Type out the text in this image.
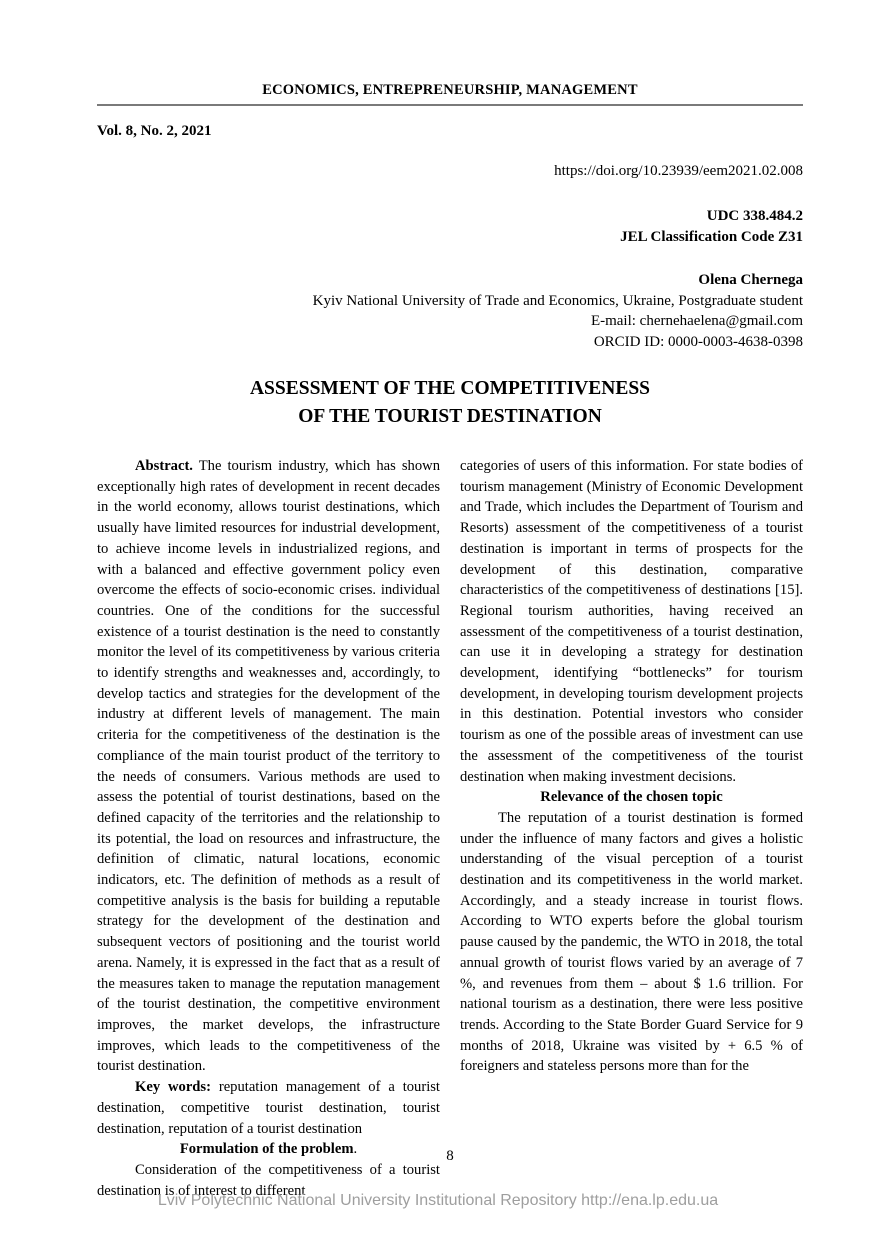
ECONOMICS, ENTREPRENEURSHIP, MANAGEMENT
Vol. 8, No. 2, 2021
https://doi.org/10.23939/eem2021.02.008
UDC 338.484.2
JEL Classification Code Z31
Olena Chernega
Kyiv National University of Trade and Economics, Ukraine, Postgraduate student
E-mail: chernehaelena@gmail.com
ORCID ID: 0000-0003-4638-0398
ASSESSMENT OF THE COMPETITIVENESS
OF THE TOURIST DESTINATION

Abstract. The tourism industry, which has shown exceptionally high rates of development in recent decades in the world economy, allows tourist destinations, which usually have limited resources for industrial development, to achieve income levels in industrialized regions, and with a balanced and effective government policy even overcome the effects of socio-economic crises. individual countries. One of the conditions for the successful existence of a tourist destination is the need to constantly monitor the level of its competitiveness by various criteria to identify strengths and weaknesses and, accordingly, to develop tactics and strategies for the development of the industry at different levels of management. The main criteria for the competitiveness of the destination is the compliance of the main tourist product of the territory to the needs of consumers. Various methods are used to assess the potential of tourist destinations, based on the defined capacity of the territories and the relationship to its potential, the load on resources and infrastructure, the definition of climatic, natural locations, economic indicators, etc. The definition of methods as a result of competitive analysis is the basis for building a reputable strategy for the development of the destination and subsequent vectors of positioning and the tourist world arena. Namely, it is expressed in the fact that as a result of the measures taken to manage the reputation management of the tourist destination, the competitive environment improves, the market develops, the infrastructure improves, which leads to the competitiveness of the tourist destination.

Key words: reputation management of a tourist destination, competitive tourist destination, tourist destination, reputation of a tourist destination

Formulation of the problem.

Consideration of the competitiveness of a tourist destination is of interest to different

categories of users of this information. For state bodies of tourism management (Ministry of Economic Development and Trade, which includes the Department of Tourism and Resorts) assessment of the competitiveness of a tourist destination is important in terms of prospects for the development of this destination, comparative characteristics of the competitiveness of destinations [15]. Regional tourism authorities, having received an assessment of the competitiveness of a tourist destination, can use it in developing a strategy for destination development, identifying “bottlenecks” for tourism development, in developing tourism development projects in this destination. Potential investors who consider tourism as one of the possible areas of investment can use the assessment of the competitiveness of the tourist destination when making investment decisions.

Relevance of the chosen topic

The reputation of a tourist destination is formed under the influence of many factors and gives a holistic understanding of the visual perception of a tourist destination and its competitiveness in the world market. Accordingly, and a steady increase in tourist flows. According to WTO experts before the global tourism pause caused by the pandemic, the WTO in 2018, the total annual growth of tourist flows varied by an average of 7 %, and revenues from them – about $ 1.6 trillion. For national tourism as a destination, there were less positive trends. According to the State Border Guard Service for 9 months of 2018, Ukraine was visited by + 6.5 % of foreigners and stateless persons more than for the

8
Lviv Polytechnic National University Institutional Repository http://ena.lp.edu.ua
